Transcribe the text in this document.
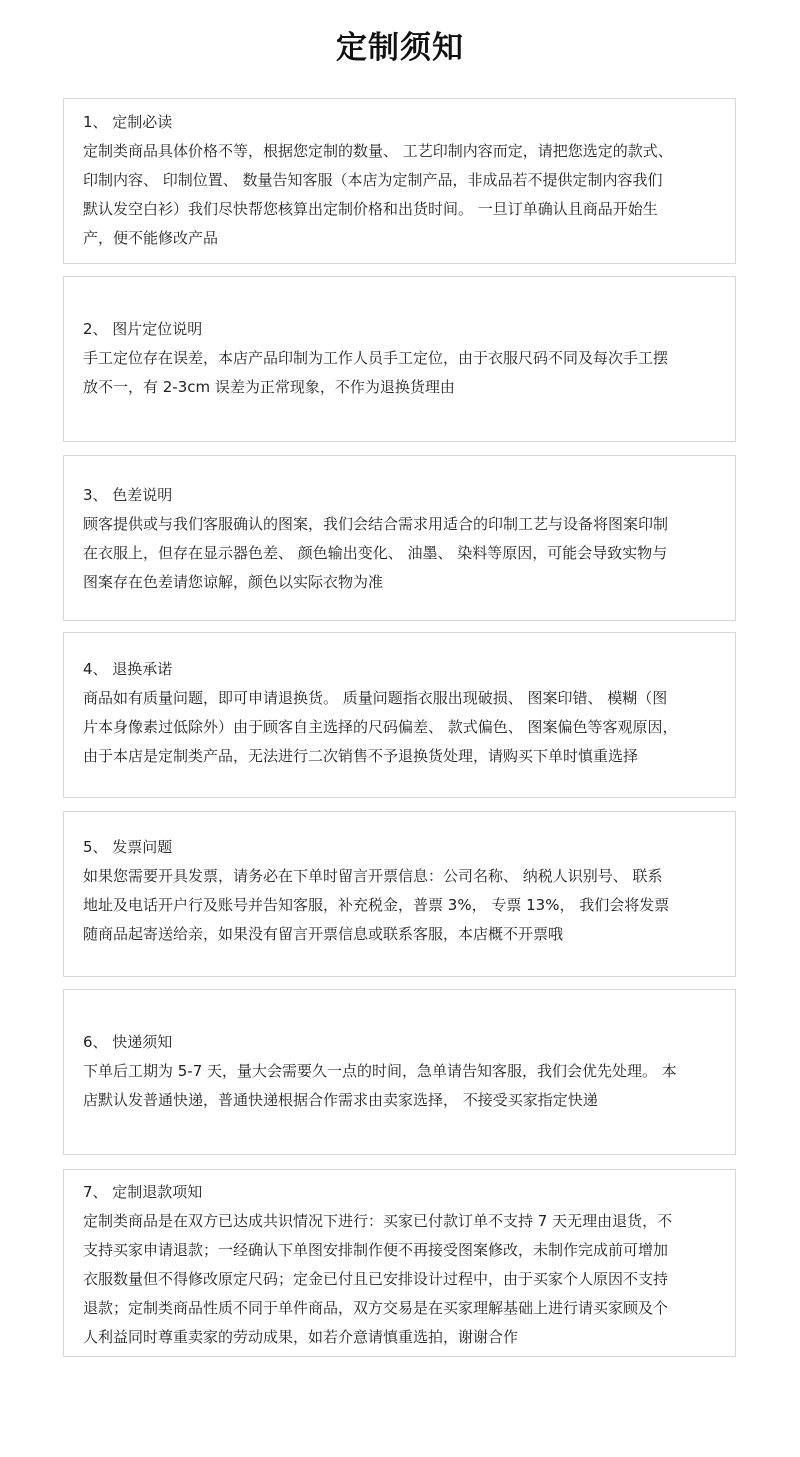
定制须知
1、 定制必读
定制类商品具体价格不等，根据您定制的数量、 工艺印制内容而定，请把您选定的款式、
印制内容、 印制位置、 数量告知客服（本店为定制产品，非成品若不提供定制内容我们
默认发空白衫）我们尽快帮您核算出定制价格和出货时间。 一旦订单确认且商品开始生
产，便不能修改产品
2、 图片定位说明
手工定位存在误差，本店产品印制为工作人员手工定位，由于衣服尺码不同及每次手工摆
放不一，有 2-3cm 误差为正常现象，不作为退换货理由
3、 色差说明
顾客提供或与我们客服确认的图案，我们会结合需求用适合的印制工艺与设备将图案印制
在衣服上，但存在显示器色差、 颜色输出变化、 油墨、 染料等原因，可能会导致实物与
图案存在色差请您谅解，颜色以实际衣物为准
4、 退换承诺
商品如有质量问题，即可申请退换货。 质量问题指衣服出现破损、 图案印错、 模糊（图
片本身像素过低除外）由于顾客自主选择的尺码偏差、 款式偏色、 图案偏色等客观原因，
由于本店是定制类产品，无法进行二次销售不予退换货处理，请购买下单时慎重选择
5、 发票问题
如果您需要开具发票，请务必在下单时留言开票信息：公司名称、 纳税人识别号、 联系
地址及电话开户行及账号并告知客服，补充税金，普票 3%， 专票 13%， 我们会将发票
随商品起寄送给亲，如果没有留言开票信息或联系客服，本店概不开票哦
6、 快递须知
下单后工期为 5-7 天，量大会需要久一点的时间，急单请告知客服，我们会优先处理。 本
店默认发普通快递，普通快递根据合作需求由卖家选择， 不接受买家指定快递
7、 定制退款项知
定制类商品是在双方已达成共识情况下进行：买家已付款订单不支持 7 天无理由退货，不
支持买家申请退款；一经确认下单图安排制作便不再接受图案修改，未制作完成前可增加
衣服数量但不得修改原定尺码；定金已付且已安排设计过程中，由于买家个人原因不支持
退款；定制类商品性质不同于单件商品，双方交易是在买家理解基础上进行请买家顾及个
人利益同时尊重卖家的劳动成果，如若介意请慎重选拍，谢谢合作
